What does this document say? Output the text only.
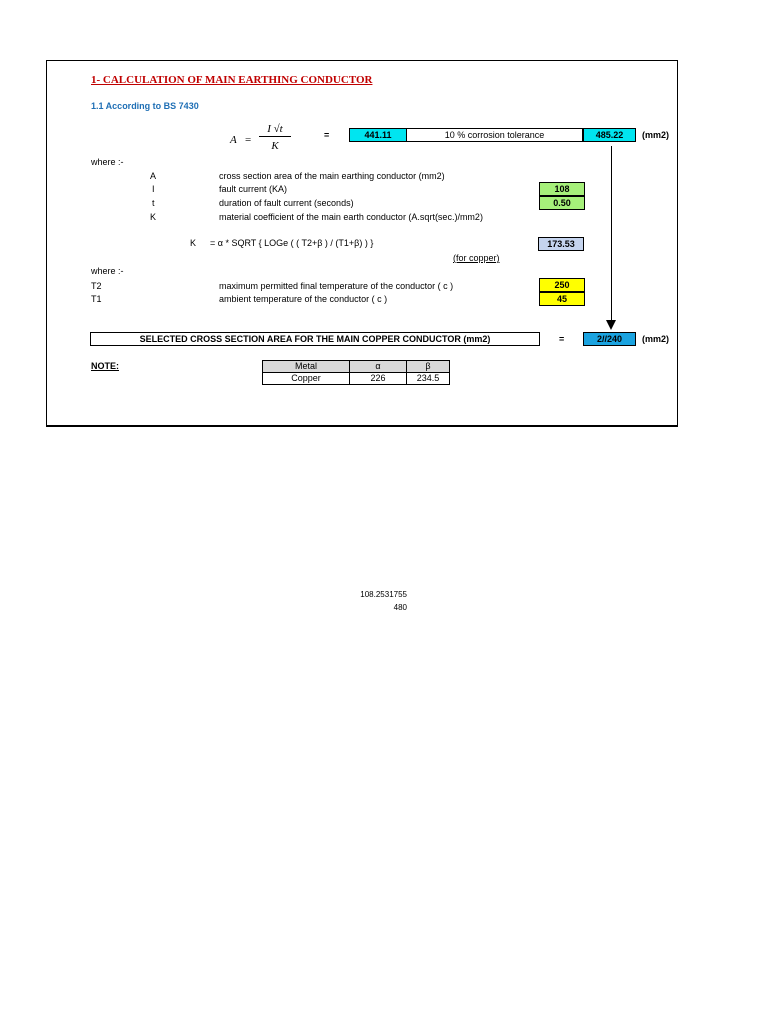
1- CALCULATION OF MAIN EARTHING CONDUCTOR
1.1 According to BS 7430
A =
I √t
K
=	441.11	10 % corrosion tolerance	485.22	(mm2)
where :-
A	cross section area of the main earthing conductor (mm2)
I	fault current (KA)	108
t	duration of fault current (seconds)	0.50
K	material coefficient of the main earth conductor (A.sqrt(sec.)/mm2)
K = α * SQRT { LOGe ( ( T2+β ) / (T1+β) ) }	173.53
(for copper)
where :-
T2	maximum permitted final temperature of the conductor ( c )	250
T1	ambient temperature of the conductor ( c )	45
SELECTED CROSS SECTION AREA FOR THE MAIN COPPER CONDUCTOR (mm2)	=	2//240	(mm2)
NOTE:	Metal	α	β
Copper	226	234.5
108.2531755
480
